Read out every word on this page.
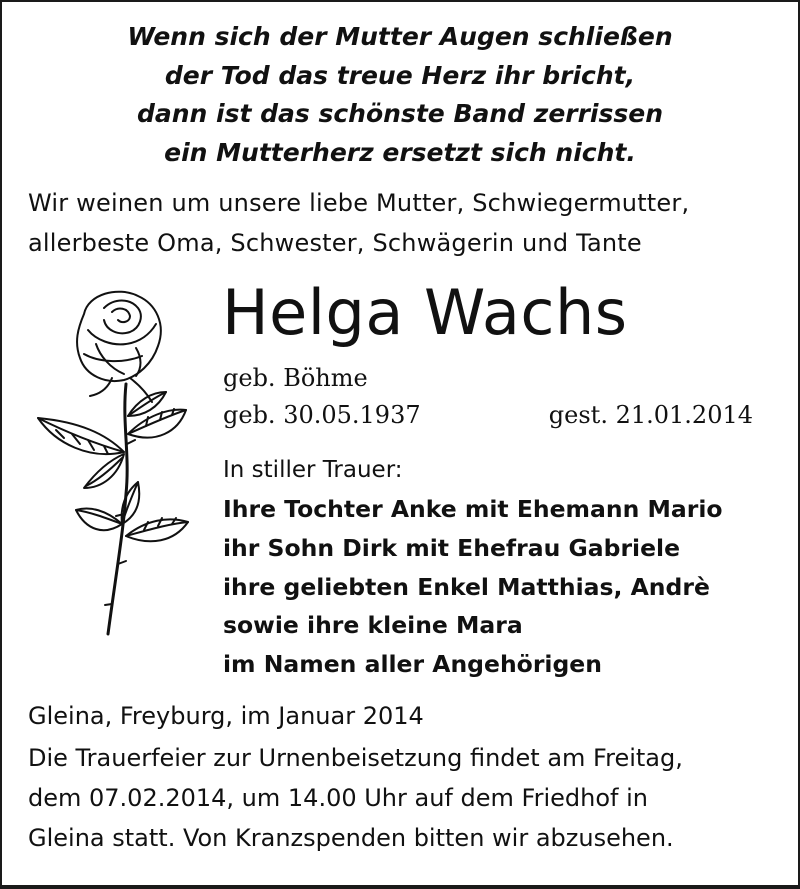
Wenn sich der Mutter Augen schließen
der Tod das treue Herz ihr bricht,
dann ist das schönste Band zerrissen
ein Mutterherz ersetzt sich nicht.
Wir weinen um unsere liebe Mutter, Schwiegermutter,
allerbeste Oma, Schwester, Schwägerin und Tante
Helga Wachs
geb. Böhme
geb. 30.05.1937	gest. 21.01.2014
In stiller Trauer:
Ihre Tochter Anke mit Ehemann Mario
ihr Sohn Dirk mit Ehefrau Gabriele
ihre geliebten Enkel Matthias, Andrè
sowie ihre kleine Mara
im Namen aller Angehörigen
Gleina, Freyburg, im Januar 2014
Die Trauerfeier zur Urnenbeisetzung findet am Freitag,
dem 07.02.2014, um 14.00 Uhr auf dem Friedhof in
Gleina statt. Von Kranzspenden bitten wir abzusehen.
